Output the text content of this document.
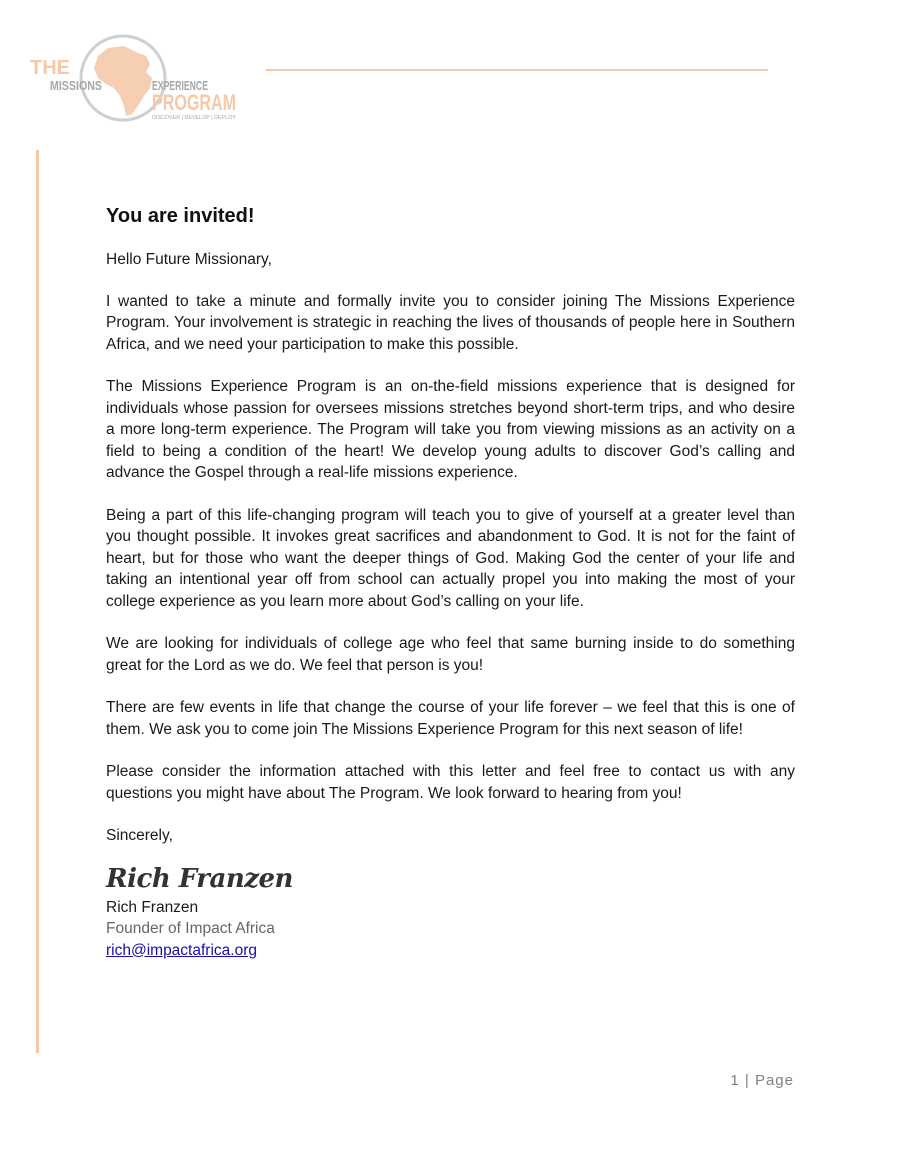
THE
MISSIONS	EXPERIENCE
PROGRAM
DISCOVER | DEVELOP | DEPLOY
You are invited!

Hello Future Missionary,

I wanted to take a minute and formally invite you to consider joining The Missions Experience Program. Your involvement is strategic in reaching the lives of thousands of people here in Southern Africa, and we need your participation to make this possible.

The Missions Experience Program is an on-the-field missions experience that is designed for individuals whose passion for oversees missions stretches beyond short-term trips, and who desire a more long-term experience. The Program will take you from viewing missions as an activity on a field to being a condition of the heart! We develop young adults to discover God’s calling and advance the Gospel through a real-life missions experience.

Being a part of this life-changing program will teach you to give of yourself at a greater level than you thought possible. It invokes great sacrifices and abandonment to God. It is not for the faint of heart, but for those who want the deeper things of God. Making God the center of your life and taking an intentional year off from school can actually propel you into making the most of your college experience as you learn more about God’s calling on your life.

We are looking for individuals of college age who feel that same burning inside to do something great for the Lord as we do. We feel that person is you!

There are few events in life that change the course of your life forever – we feel that this is one of them. We ask you to come join The Missions Experience Program for this next season of life!

Please consider the information attached with this letter and feel free to contact us with any questions you might have about The Program. We look forward to hearing from you!

Sincerely,

Rich Franzen

Rich Franzen

Founder of Impact Africa

rich@impactafrica.org
1 | Page
